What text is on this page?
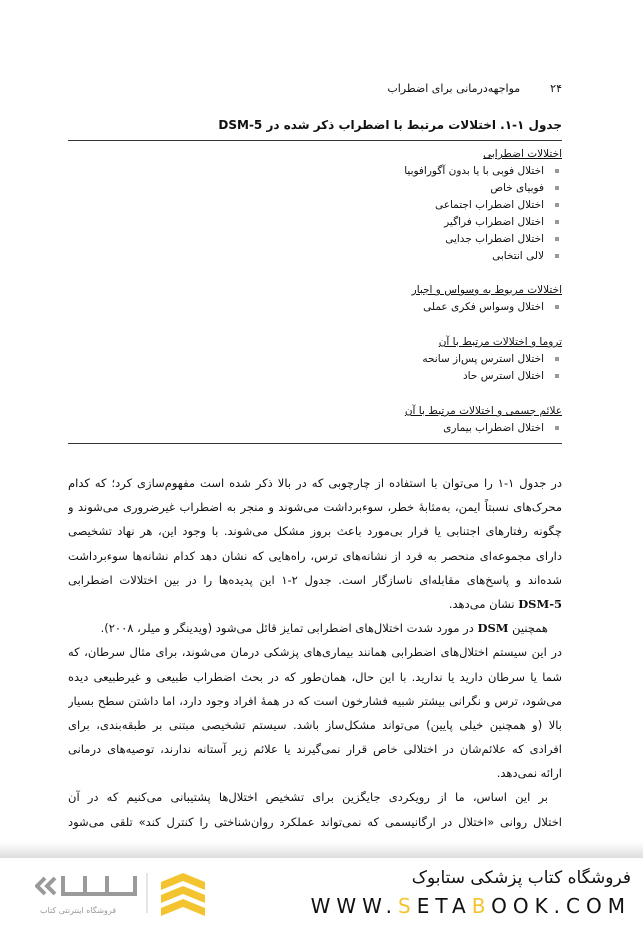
۲۴
مواجهه‌درمانی برای اضطراب
جدول ۱-۱. اختلالات مرتبط با اضطراب ذکر شده در DSM-5
اختلالات اضطرابی
اختلال فوبی با یا بدون آگورافوبیا
فوبیای خاص
اختلال اضطراب اجتماعی
اختلال اضطراب فراگیر
اختلال اضطراب جدایی
لالی انتخابی
اختلالات مربوط به وسواس و اجبار
اختلال وسواس فکری عملی
تروما و اختلالات مرتبط با آن
اختلال استرس پس‌از سانحه
اختلال استرس حاد
علائم جسمی و اختلالات مرتبط با آن
اختلال اضطراب بیماری
در جدول ۱-۱ را می‌توان با استفاده از چارچوبی که در بالا ذکر شده است مفهوم‌سازی کرد؛ که کدام
محرک‌های نسبتاً ایمن، به‌مثابهٔ خطر، سوءبرداشت می‌شوند و منجر به اضطراب غیرضروری می‌شوند و
چگونه رفتارهای اجتنابی یا فرار بی‌مورد باعث بروز مشکل می‌شوند. با وجود این، هر نهاد تشخیصی
دارای مجموعه‌ای منحصر به فرد از نشانه‌های ترس، راه‌هایی که نشان دهد کدام نشانه‌ها سوءبرداشت
شده‌اند و پاسخ‌های مقابله‌ای ناسازگار است. جدول ۲-۱ این پدیده‌ها را در بین اختلالات اضطرابی
DSM-5 نشان می‌دهد.
همچنین DSM در مورد شدت اختلال‌های اضطرابی تمایز قائل می‌شود (ویدینگر و میلر، ۲۰۰۸).
در این سیستم اختلال‌های اضطرابی همانند بیماری‌های پزشکی درمان می‌شوند، برای مثال سرطان، که
شما یا سرطان دارید یا ندارید. با این حال، همان‌طور که در بحث اضطراب طبیعی و غیرطبیعی دیده
می‌شود، ترس و نگرانی بیشتر شبیه فشارخون است که در همهٔ افراد وجود دارد، اما داشتن سطح بسیار
بالا (و همچنین خیلی پایین) می‌تواند مشکل‌ساز باشد. سیستم تشخیصی مبتنی بر طبقه‌بندی، برای
افرادی که علائم‌شان در اختلالی خاص قرار نمی‌گیرند یا علائم زیر آستانه ندارند، توصیه‌های درمانی
ارائه نمی‌دهد.
بر این اساس، ما از رویکردی جایگزین برای تشخیص اختلال‌ها پشتیبانی می‌کنیم که در آن
اختلال روانی «اختلال در ارگانیسمی که نمی‌تواند عملکرد روان‌شناختی را کنترل کند» تلقی می‌شود
فروشگاه کتاب پزشکی ستابوک
WWW.SETABOOK.COM
فروشگاه اینترنتی کتاب
